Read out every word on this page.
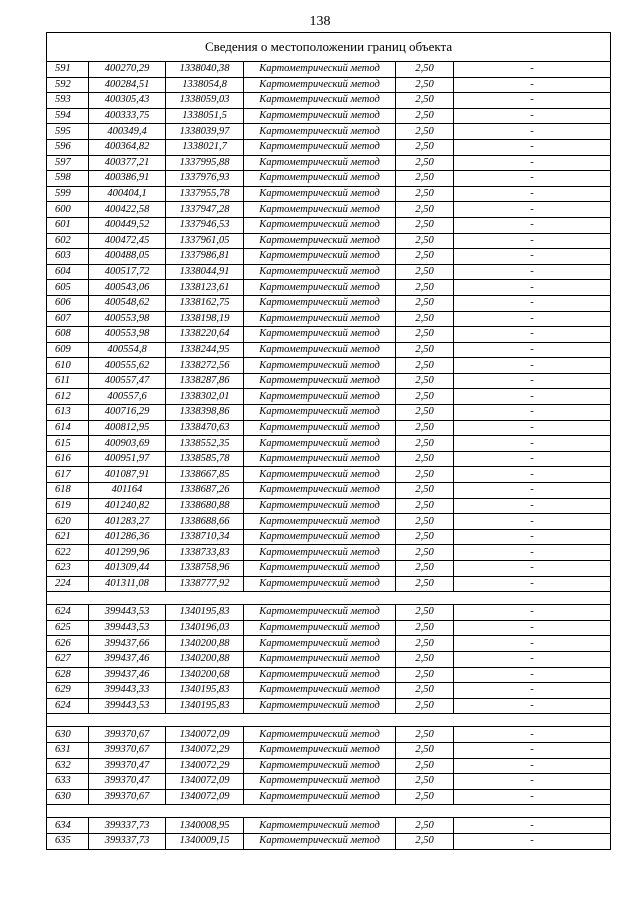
138
Сведения о местоположении границ объекта					
591	400270,29	1338040,38	Картометрический метод	2,50	-
592	400284,51	1338054,8	Картометрический метод	2,50	-
593	400305,43	1338059,03	Картометрический метод	2,50	-
594	400333,75	1338051,5	Картометрический метод	2,50	-
595	400349,4	1338039,97	Картометрический метод	2,50	-
596	400364,82	1338021,7	Картометрический метод	2,50	-
597	400377,21	1337995,88	Картометрический метод	2,50	-
598	400386,91	1337976,93	Картометрический метод	2,50	-
599	400404,1	1337955,78	Картометрический метод	2,50	-
600	400422,58	1337947,28	Картометрический метод	2,50	-
601	400449,52	1337946,53	Картометрический метод	2,50	-
602	400472,45	1337961,05	Картометрический метод	2,50	-
603	400488,05	1337986,81	Картометрический метод	2,50	-
604	400517,72	1338044,91	Картометрический метод	2,50	-
605	400543,06	1338123,61	Картометрический метод	2,50	-
606	400548,62	1338162,75	Картометрический метод	2,50	-
607	400553,98	1338198,19	Картометрический метод	2,50	-
608	400553,98	1338220,64	Картометрический метод	2,50	-
609	400554,8	1338244,95	Картометрический метод	2,50	-
610	400555,62	1338272,56	Картометрический метод	2,50	-
611	400557,47	1338287,86	Картометрический метод	2,50	-
612	400557,6	1338302,01	Картометрический метод	2,50	-
613	400716,29	1338398,86	Картометрический метод	2,50	-
614	400812,95	1338470,63	Картометрический метод	2,50	-
615	400903,69	1338552,35	Картометрический метод	2,50	-
616	400951,97	1338585,78	Картометрический метод	2,50	-
617	401087,91	1338667,85	Картометрический метод	2,50	-
618	401164	1338687,26	Картометрический метод	2,50	-
619	401240,82	1338680,88	Картометрический метод	2,50	-
620	401283,27	1338688,66	Картометрический метод	2,50	-
621	401286,36	1338710,34	Картометрический метод	2,50	-
622	401299,96	1338733,83	Картометрический метод	2,50	-
623	401309,44	1338758,96	Картометрический метод	2,50	-
224	401311,08	1338777,92	Картометрический метод	2,50	-

624	399443,53	1340195,83	Картометрический метод	2,50	-
625	399443,53	1340196,03	Картометрический метод	2,50	-
626	399437,66	1340200,88	Картометрический метод	2,50	-
627	399437,46	1340200,88	Картометрический метод	2,50	-
628	399437,46	1340200,68	Картометрический метод	2,50	-
629	399443,33	1340195,83	Картометрический метод	2,50	-
624	399443,53	1340195,83	Картометрический метод	2,50	-

630	399370,67	1340072,09	Картометрический метод	2,50	-
631	399370,67	1340072,29	Картометрический метод	2,50	-
632	399370,47	1340072,29	Картометрический метод	2,50	-
633	399370,47	1340072,09	Картометрический метод	2,50	-
630	399370,67	1340072,09	Картометрический метод	2,50	-

634	399337,73	1340008,95	Картометрический метод	2,50	-
635	399337,73	1340009,15	Картометрический метод	2,50	-
